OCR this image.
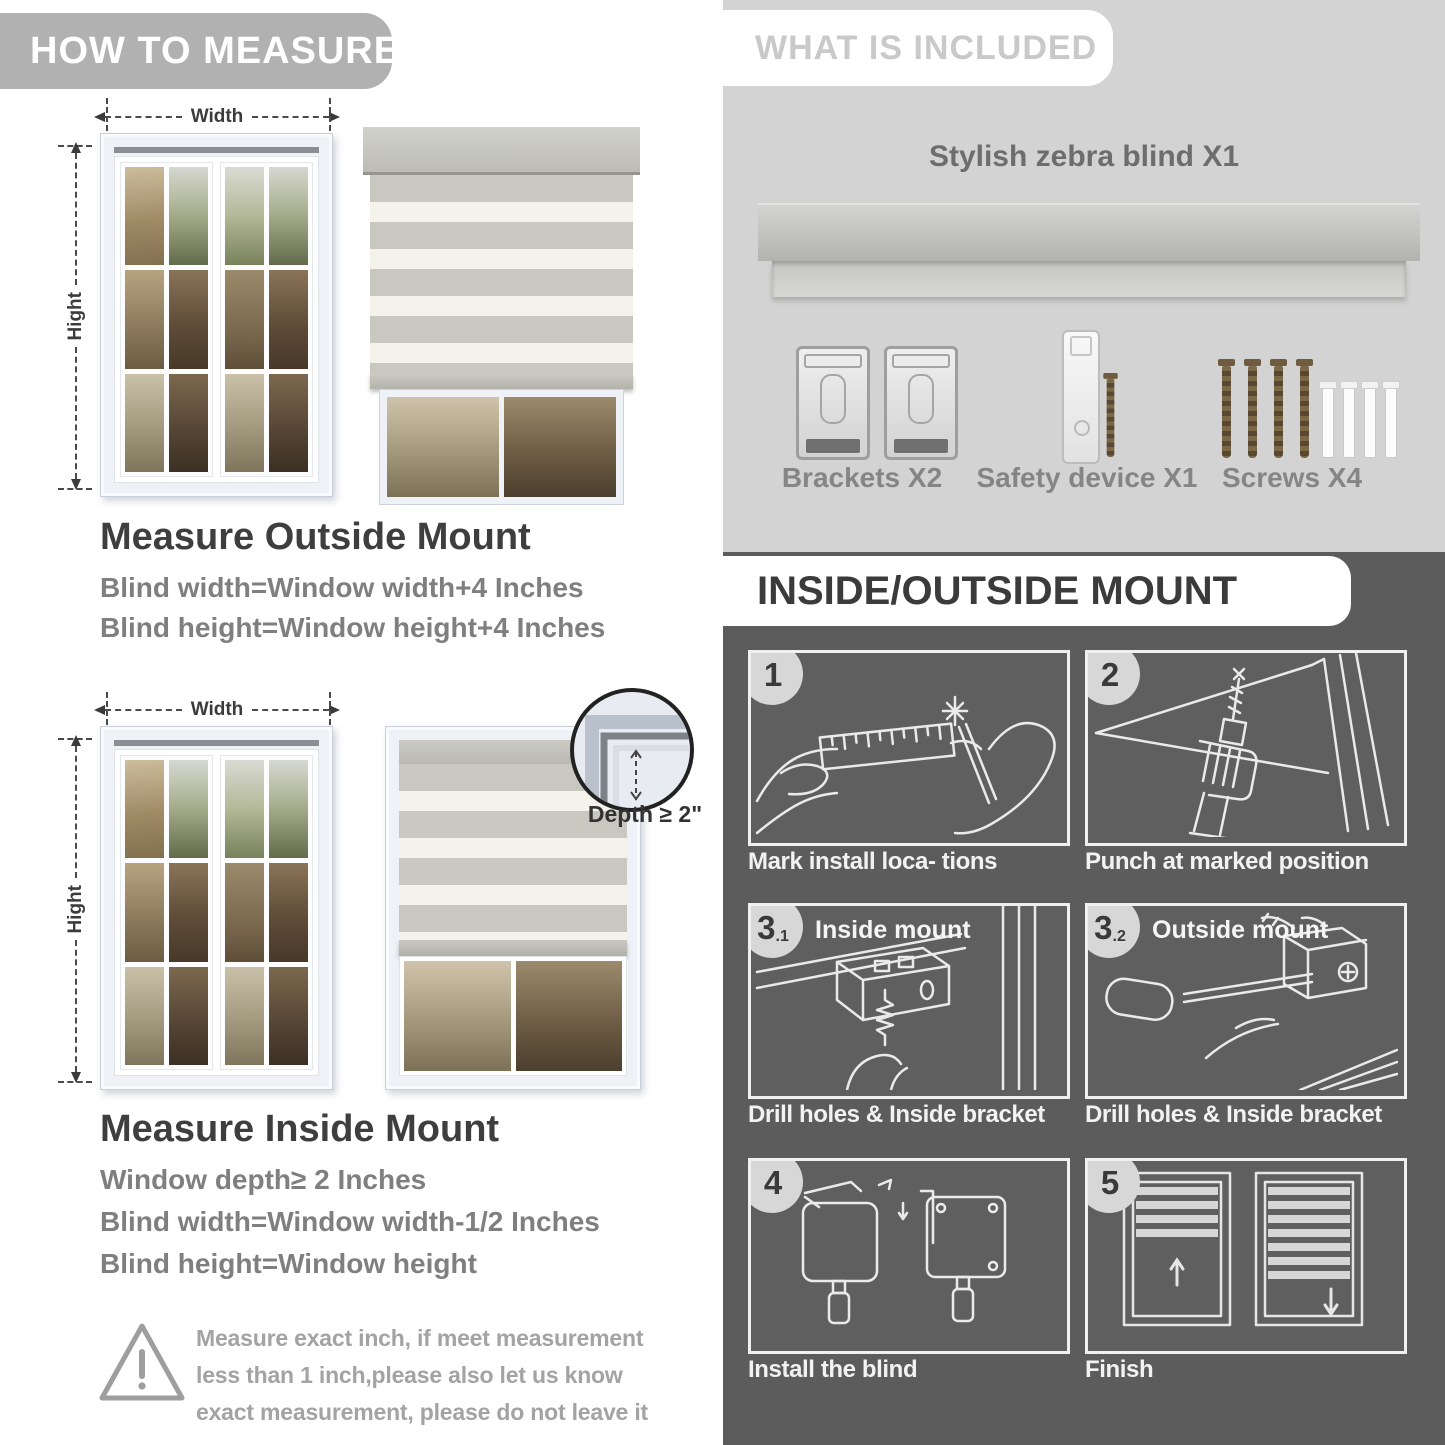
HOW TO MEASURE
Width
Hight
Measure Outside Mount
Blind width=Window width+4 Inches
Blind height=Window height+4 Inches
Width
Hight
Depth ≥ 2"
Measure Inside Mount
Window depth≥ 2 Inches
Blind width=Window width-1/2 Inches
Blind height=Window height
Measure exact inch, if meet measurement less than 1 inch,please also let us know exact measurement, please do not leave it
WHAT IS INCLUDED
Stylish zebra blind X1
Brackets X2 Safety device X1 Screws X4
INSIDE/OUTSIDE MOUNT
1	2
3 .1 Inside mount	3 .2 Outside mount
4	5
Mark install loca- tions	Punch at marked position
Drill holes & Inside bracket Drill holes & Inside bracket
Install the blind	Finish
